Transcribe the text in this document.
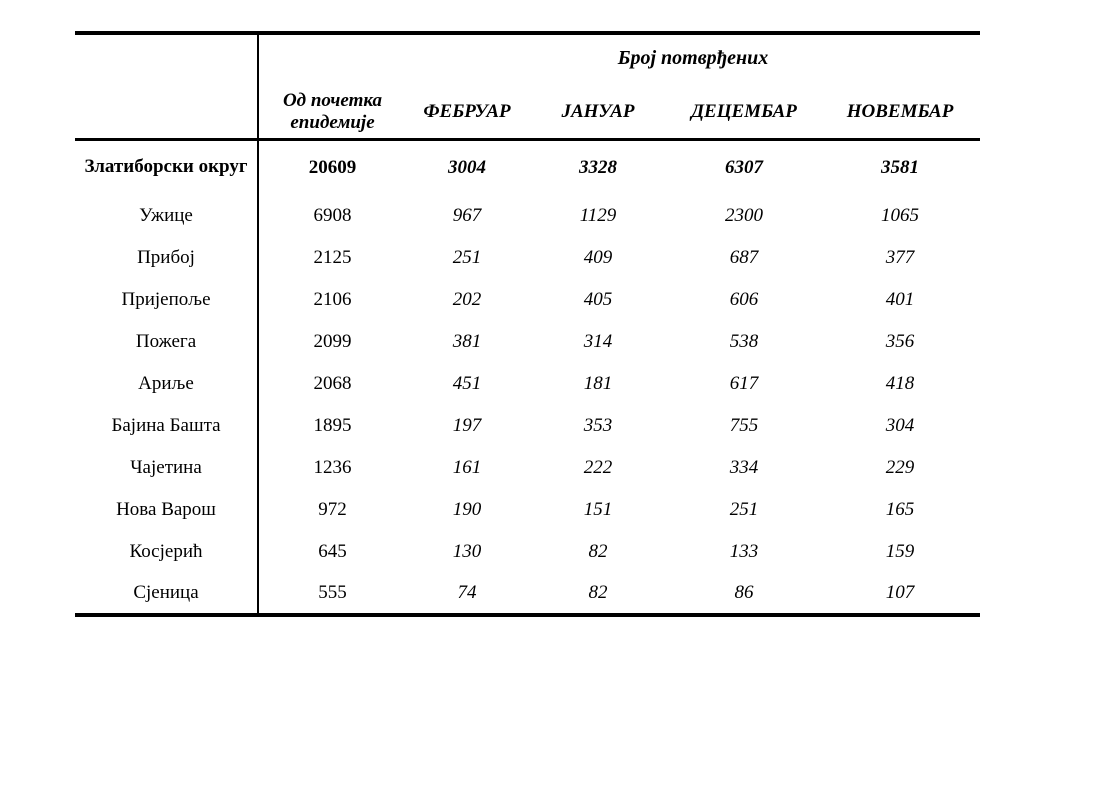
		Број потврђених			
	Од почетка епидемије	ФЕБРУАР	ЈАНУАР	ДЕЦЕМБАР	НОВЕМБАР
Златиборски округ	20609	3004	3328	6307	3581
Ужице	6908	967	1129	2300	1065
Прибој	2125	251	409	687	377
Пријепоље	2106	202	405	606	401
Пожега	2099	381	314	538	356
Ариље	2068	451	181	617	418
Бајина Башта	1895	197	353	755	304
Чајетина	1236	161	222	334	229
Нова Варош	972	190	151	251	165
Косјерић	645	130	82	133	159
Сјеница	555	74	82	86	107
